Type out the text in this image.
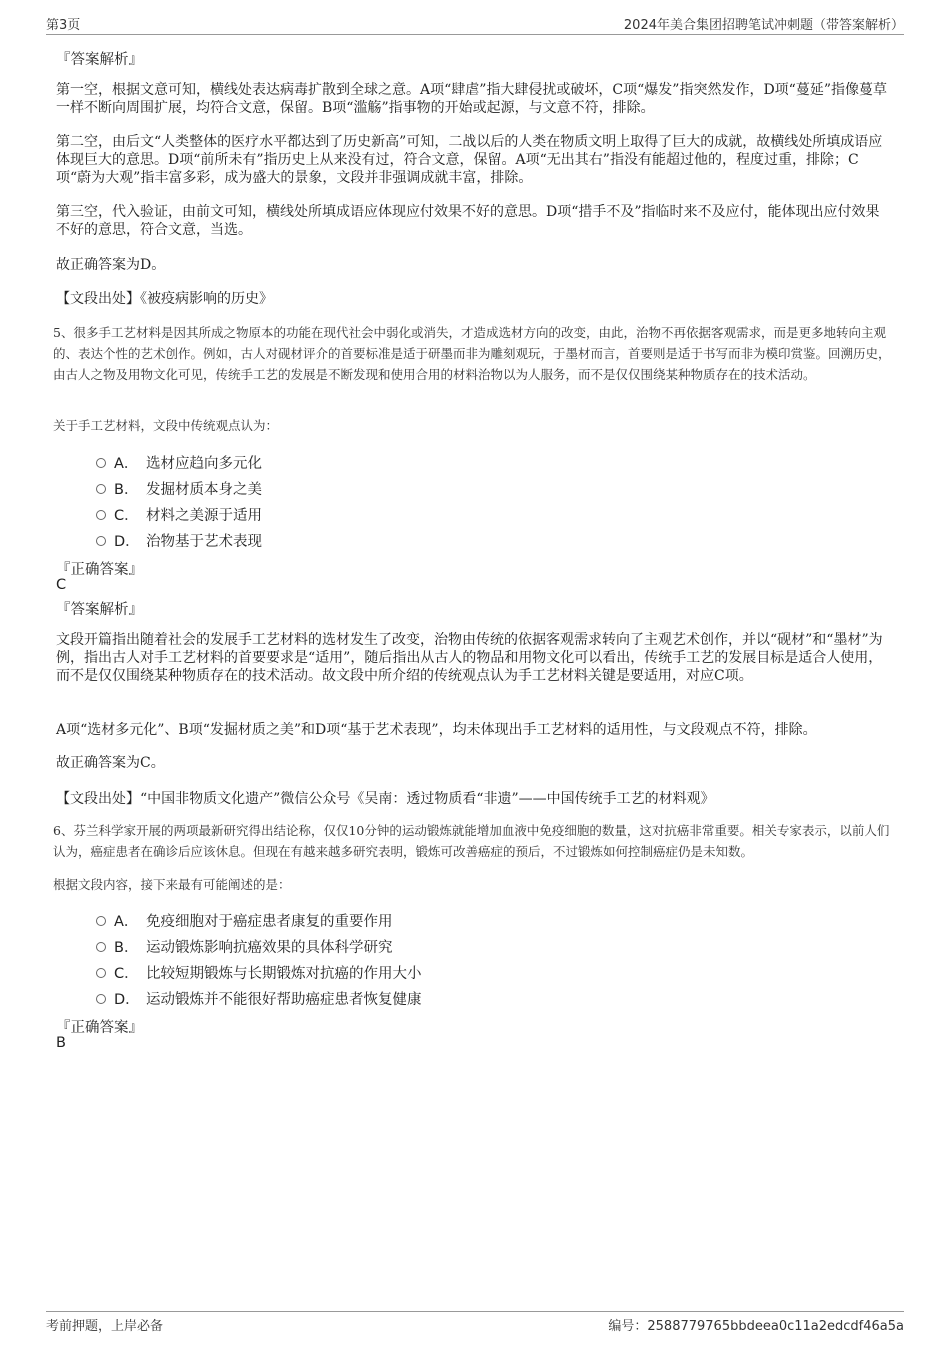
第3页	2024年美合集团招聘笔试冲刺题（带答案解析）
『答案解析』
第一空，根据文意可知，横线处表达病毒扩散到全球之意。A项“肆虐”指大肆侵扰或破坏，C项“爆发”指突然发作，D项“蔓延”指像蔓草一样不断向周围扩展，均符合文意，保留。B项“滥觞”指事物的开始或起源，与文意不符，排除。
第二空，由后文“人类整体的医疗水平都达到了历史新高”可知，二战以后的人类在物质文明上取得了巨大的成就，故横线处所填成语应体现巨大的意思。D项“前所未有”指历史上从来没有过，符合文意，保留。A项“无出其右”指没有能超过他的，程度过重，排除；C项“蔚为大观”指丰富多彩，成为盛大的景象，文段并非强调成就丰富，排除。
第三空，代入验证，由前文可知，横线处所填成语应体现应付效果不好的意思。D项“措手不及”指临时来不及应付，能体现出应付效果不好的意思，符合文意，当选。
故正确答案为D。
【文段出处】《被疫病影响的历史》
5、很多手工艺材料是因其所成之物原本的功能在现代社会中弱化或消失，才造成选材方向的改变，由此，治物不再依据客观需求，而是更多地转向主观的、表达个性的艺术创作。例如，古人对砚材评介的首要标准是适于研墨而非为雕刻观玩，于墨材而言，首要则是适于书写而非为模印赏鉴。回溯历史，由古人之物及用物文化可见，传统手工艺的发展是不断发现和使用合用的材料治物以为人服务，而不是仅仅围绕某种物质存在的技术活动。
关于手工艺材料，文段中传统观点认为：
A． 选材应趋向多元化
B． 发掘材质本身之美
C． 材料之美源于适用
D． 治物基于艺术表现
『正确答案』
C
『答案解析』
文段开篇指出随着社会的发展手工艺材料的选材发生了改变，治物由传统的依据客观需求转向了主观艺术创作，并以“砚材”和“墨材”为例，指出古人对手工艺材料的首要要求是“适用”，随后指出从古人的物品和用物文化可以看出，传统手工艺的发展目标是适合人使用，而不是仅仅围绕某种物质存在的技术活动。故文段中所介绍的传统观点认为手工艺材料关键是要适用，对应C项。
A项“选材多元化”、B项“发掘材质之美”和D项“基于艺术表现”，均未体现出手工艺材料的适用性，与文段观点不符，排除。
故正确答案为C。
【文段出处】“中国非物质文化遗产”微信公众号《吴南：透过物质看“非遗”——中国传统手工艺的材料观》
6、芬兰科学家开展的两项最新研究得出结论称，仅仅10分钟的运动锻炼就能增加血液中免疫细胞的数量，这对抗癌非常重要。相关专家表示，以前人们认为，癌症患者在确诊后应该休息。但现在有越来越多研究表明，锻炼可改善癌症的预后，不过锻炼如何控制癌症仍是未知数。
根据文段内容，接下来最有可能阐述的是：
A． 免疫细胞对于癌症患者康复的重要作用
B． 运动锻炼影响抗癌效果的具体科学研究
C． 比较短期锻炼与长期锻炼对抗癌的作用大小
D． 运动锻炼并不能很好帮助癌症患者恢复健康
『正确答案』
B
考前押题，上岸必备	编号：2588779765bbdeea0c11a2edcdf46a5a
